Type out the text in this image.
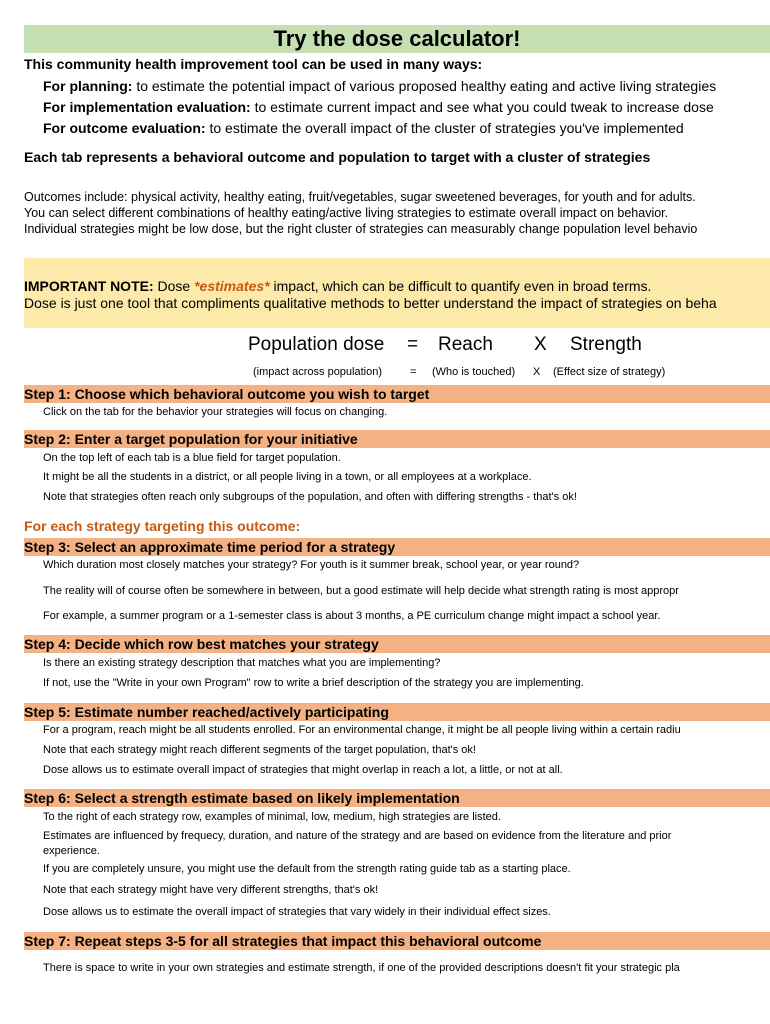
Try the dose calculator!
This community health improvement tool can be used in many ways:
For planning: to estimate the potential impact of various proposed healthy eating and active living strategies
For implementation evaluation: to estimate current impact and see what you could tweak to increase dose
For outcome evaluation: to estimate the overall impact of the cluster of strategies you've implemented
Each tab represents a behavioral outcome and population to target with a cluster of strategies
Outcomes include: physical activity, healthy eating, fruit/vegetables, sugar sweetened beverages, for youth and for adults.
You can select different combinations of healthy eating/active living strategies to estimate overall impact on behavior.
Individual strategies might be low dose, but the right cluster of strategies can measurably change population level behavio
IMPORTANT NOTE: Dose *estimates* impact, which can be difficult to quantify even in broad terms.
Dose is just one tool that compliments qualitative methods to better understand the impact of strategies on beha
Population dose = Reach X Strength
(impact across population)	= (Who is touched) X (Effect size of strategy)
Step 1: Choose which behavioral outcome you wish to target
Click on the tab for the behavior your strategies will focus on changing.
Step 2: Enter a target population for your initiative
On the top left of each tab is a blue field for target population.
It might be all the students in a district, or all people living in a town, or all employees at a workplace.
Note that strategies often reach only subgroups of the population, and often with differing strengths - that's ok!
For each strategy targeting this outcome:
Step 3: Select an approximate time period for a strategy
Which duration most closely matches your strategy? For youth is it summer break, school year, or year round?
The reality will of course often be somewhere in between, but a good estimate will help decide what strength rating is most appropr
For example, a summer program or a 1-semester class is about 3 months, a PE curriculum change might impact a school year.
Step 4: Decide which row best matches your strategy
Is there an existing strategy description that matches what you are implementing?
If not, use the "Write in your own Program" row to write a brief description of the strategy you are implementing.
Step 5: Estimate number reached/actively participating
For a program, reach might be all students enrolled. For an environmental change, it might be all people living within a certain radiu
Note that each strategy might reach different segments of the target population, that's ok!
Dose allows us to estimate overall impact of strategies that might overlap in reach a lot, a little, or not at all.
Step 6: Select a strength estimate based on likely implementation
To the right of each strategy row, examples of minimal, low, medium, high strategies are listed.
Estimates are influenced by frequecy, duration, and nature of the strategy and are based on evidence from the literature and prior
experience.
If you are completely unsure, you might use the default from the strength rating guide tab as a starting place.
Note that each strategy might have very different strengths, that's ok!
Dose allows us to estimate the overall impact of strategies that vary widely in their individual effect sizes.
Step 7: Repeat steps 3-5 for all strategies that impact this behavioral outcome
There is space to write in your own strategies and estimate strength, if one of the provided descriptions doesn't fit your strategic pla
